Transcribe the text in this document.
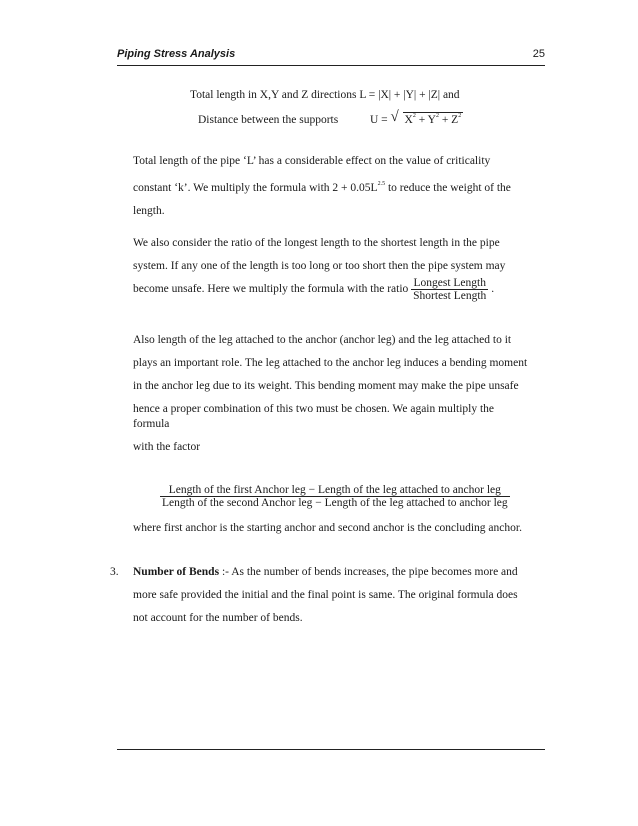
Piping Stress Analysis	25
Total length in X,Y and Z directions L = |X| + |Y| + |Z| and
Distance between the supports	U = √ $X^2 + Y^2 + Z^2$
Total length of the pipe ‘L’ has a considerable effect on the value of criticality
constant ‘k’. We multiply the formula with $2 + 0.05L^{2.5}$ to reduce the weight of the
length.
We also consider the ratio of the longest length to the shortest length in the pipe
system. If any one of the length is too long or too short then the pipe system may
become unsafe. Here we multiply the formula with the ratio $\frac{\text{Longest Length}}{\text{Shortest Length}}$ .
Also length of the leg attached to the anchor (anchor leg) and the leg attached to it
plays an important role. The leg attached to the anchor leg induces a bending moment
in the anchor leg due to its weight. This bending moment may make the pipe unsafe
hence a proper combination of this two must be chosen. We again multiply the
formula
with the factor
Length of the first Anchor leg − Length of the leg attached to anchor leg
Length of the second Anchor leg − Length of the leg attached to anchor leg
where first anchor is the starting anchor and second anchor is the concluding anchor.
3. Number of Bends :- As the number of bends increases, the pipe becomes more and
more safe provided the initial and the final point is same. The original formula does
not account for the number of bends.
